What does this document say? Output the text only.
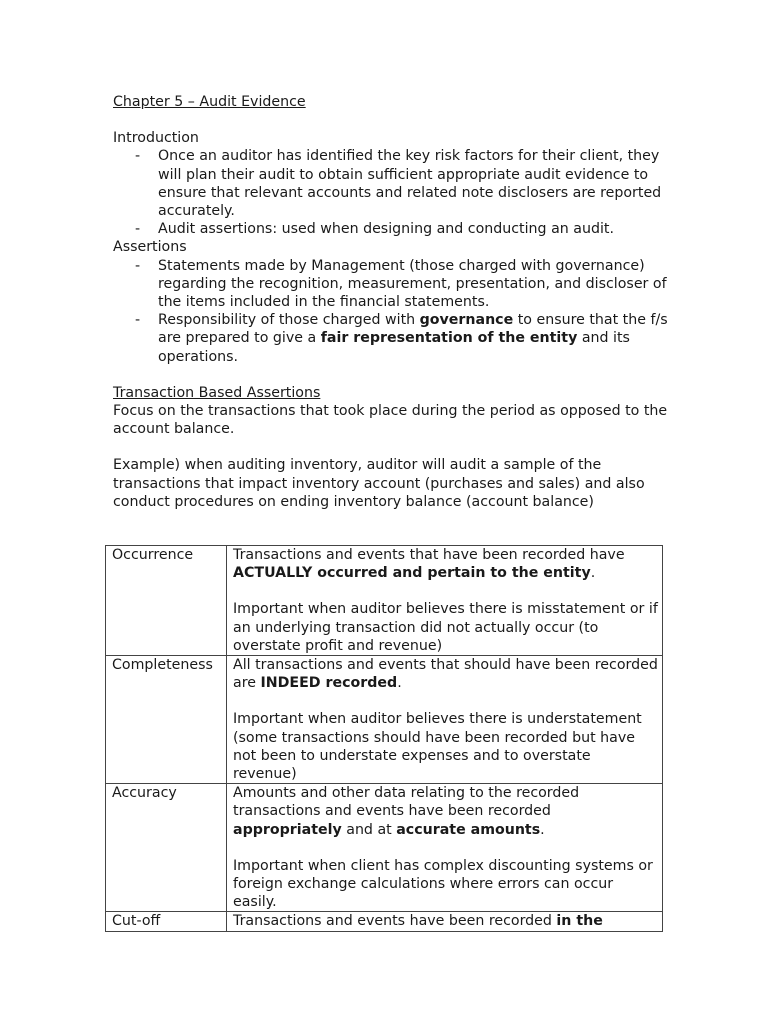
Chapter 5 – Audit Evidence

Introduction

- Once an auditor has identified the key risk factors for their client, they will plan their audit to obtain sufficient appropriate audit evidence to ensure that relevant accounts and related note disclosers are reported accurately.
- Audit assertions: used when designing and conducting an audit.

Assertions

- Statements made by Management (those charged with governance) regarding the recognition, measurement, presentation, and discloser of the items included in the financial statements.
- Responsibility of those charged with governance to ensure that the f/s are prepared to give a fair representation of the entity and its operations.

Transaction Based Assertions

Focus on the transactions that took place during the period as opposed to the account balance.

Example) when auditing inventory, auditor will audit a sample of the transactions that impact inventory account (purchases and sales) and also conduct procedures on ending inventory balance (account balance)

Occurrence	Transactions and events that have been recorded have ACTUALLY occurred and pertain to the entity.
Important when auditor believes there is misstatement or if an underlying transaction did not actually occur (to overstate profit and revenue)

Completeness	All transactions and events that should have been recorded are INDEED recorded.
Important when auditor believes there is understatement (some transactions should have been recorded but have not been to understate expenses and to overstate revenue)

Accuracy	Amounts and other data relating to the recorded transactions and events have been recorded appropriately and at accurate amounts.
Important when client has complex discounting systems or foreign exchange calculations where errors can occur easily.

Cut-off	Transactions and events have been recorded in the
